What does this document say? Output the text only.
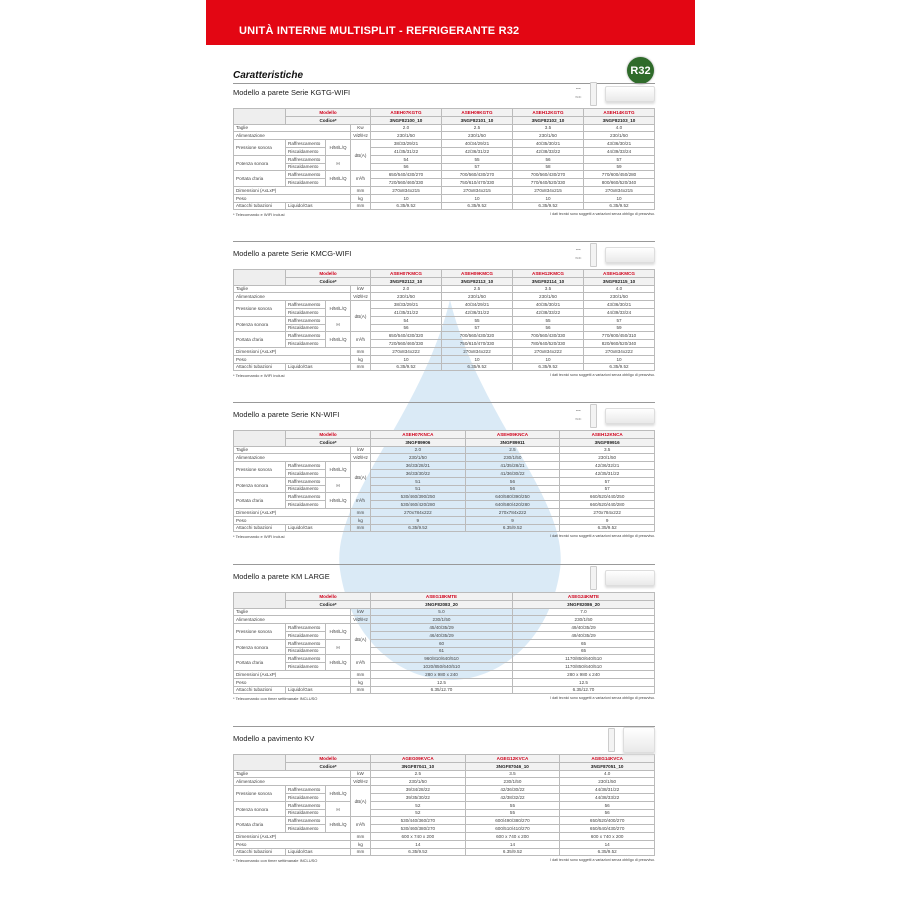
UNITÀ INTERNE MULTISPLIT - REFRIGERANTE R32
Caratteristiche	R32
Modello a parete Serie KGTG-WIFI	⌔
WiFi
	Modello			ASEH07KGTG	ASEH09KGTG	ASEH12KGTG	ASEH14KGTG
	Codice*			3NGF82100_10	3NGF82101_10	3NGF82102_10	3NGF82103_10
Taglie			Kw	2.0	2.5	3.5	4.0
Alimentazione			V/Ø/Hz	230/1/50	230/1/50	230/1/50	230/1/50
Pressione sonora	Raffrescamento	H/M/L/Q	dB(A)	38/33/29/21	40/34/29/21	40/35/30/21	43/36/30/21
	Riscaldamento			41/35/31/22	42/36/31/22	42/38/33/22	44/39/33/24
Potenza sonora	Raffrescamento	H		54	55	56	57
	Riscaldamento			56	57	58	59
Portata d'aria	Raffrescamento	H/M/L/Q	m³/h	650/540/430/270	700/560/430/270	700/560/430/270	770/600/450/280
	Riscaldamento			720/560/460/330	750/610/470/330	770/640/520/330	800/660/520/340
Dimensioni (AxLxP)			mm	270x834x215	270x834x215	270x834x215	270x834x215
Peso			kg	10	10	10	10
Attacchi tubazioni	Liquido/Gas		mm	6.35/9.52	6.35/9.52	6.35/9.52	6.35/9.52
* Telecomando e WIFI inclusi	I dati tecnici sono soggetti a variazioni senza obbligo di preavviso.
Modello a parete Serie KMCG-WIFI	⌔
WiFi
	Modello			ASEH07KMCG	ASEH09KMCG	ASEH12KMCG	ASEH14KMCG
	Codice*			3NGF82112_10	3NGF82113_10	3NGF82114_10	3NGF82115_10
Taglie			kW	2.0	2.5	3.5	4.0
Alimentazione			V/Ø/Hz	230/1/50	230/1/50	230/1/50	230/1/50
Pressione sonora	Raffrescamento	H/M/L/Q	dB(A)	38/33/29/21	40/34/29/21	40/35/30/21	43/36/30/21
	Riscaldamento			41/35/31/22	42/36/31/22	42/38/33/22	44/39/33/24
Potenza sonora	Raffrescamento	H		54	55	55	57
	Riscaldamento			56	57	56	59
Portata d'aria	Raffrescamento	H/M/L/Q	m³/h	650/540/430/320	700/560/430/320	700/560/430/330	770/600/450/310
	Riscaldamento			720/560/460/330	750/610/470/330	780/640/520/330	820/660/520/340
Dimensioni (AxLxP)			mm	270x834x222	270x834x222	270x834x222	270x834x222
Peso			kg	10	10	10	10
Attacchi tubazioni	Liquido/Gas		mm	6.35/9.52	6.35/9.52	6.35/9.52	6.35/9.52
* Telecomando e WIFI inclusi	I dati tecnici sono soggetti a variazioni senza obbligo di preavviso.
Modello a parete Serie KN-WIFI	⌔
WiFi
	Modello			ASEH07KNCA	ASEH09KNCA	ASEH12KNCA
	Codice*			3NGF89906	3NGF89911	3NGF89916
Taglie			kW	2.0	2.5	3.5
Alimentazione			V/Ø/Hz	230/1/50	230/1/50	230/1/50
Pressione sonora	Raffrescamento	H/M/L/Q	dB(A)	36/33/28/21	41/35/28/21	42/36/32/21
	Riscaldamento			36/33/30/22	41/36/30/22	42/35/31/22
Potenza sonora	Raffrescamento	H		51	56	57
	Riscaldamento			51	56	57
Portata d'aria	Raffrescamento	H/M/L/Q	m³/h	530/460/390/250	640/580/390/250	660/520/440/250
	Riscaldamento			530/460/420/280	640/580/420/280	660/520/440/280
Dimensioni (AxLxP)			mm	270x784x222	270x784x222	270x784x222
Peso			kg	9	9	9
Attacchi tubazioni	Liquido/Gas		mm	6.35/9.52	6.35/9.52	6.35/9.52
* Telecomando e WIFI inclusi	I dati tecnici sono soggetti a variazioni senza obbligo di preavviso.
Modello a parete KM LARGE
	Modello			ASEG18KMTE	ASEG24KMTE
	Codice*			3NGF82083_20	3NGF82086_20
Taglie			kW	5.0	7.0
Alimentazione			V/Ø/Hz	230/1/50	230/1/50
Pressione sonora	Raffrescamento	H/M/L/Q	dB(A)	45/40/35/29	49/40/35/29
	Riscaldamento			46/40/35/29	49/40/35/29
Potenza sonora	Raffrescamento	H		60	65
	Riscaldamento			61	65
Portata d'aria	Raffrescamento	H/M/L/Q	m³/h	960/810/640/510	1170/850/640/510
	Riscaldamento			1020/850/640/510	1170/850/640/510
Dimensioni (AxLxP)			mm	280 x 980 x 240	280 x 980 x 240
Peso			kg	12.5	12.5
Attacchi tubazioni	Liquido/Gas		mm	6.35/12.70	6.35/12.70
* Telecomando con timer settimanale INCLUSO	I dati tecnici sono soggetti a variazioni senza obbligo di preavviso.
Modello a pavimento KV
	Modello			AGEG09KVCA	AGEG12KVCA	AGEG14KVCA
	Codice*			3NGF87041_10	3NGF87046_10	3NGF87051_10
Taglie			kW	2.5	3.5	4.0
Alimentazione			V/Ø/Hz	230/1/50	230/1/50	230/1/50
Pressione sonora	Raffrescamento	H/M/L/Q	dB(A)	39/34/28/22	42/36/30/22	44/38/31/22
	Riscaldamento			39/35/30/22	42/38/32/22	44/38/33/22
Potenza sonora	Raffrescamento	H		52	55	56
	Riscaldamento			52	55	56
Portata d'aria	Raffrescamento	H/M/L/Q	m³/h	530/440/360/270	600/490/380/270	650/520/400/270
	Riscaldamento			530/460/380/270	600/510/410/270	650/540/430/270
Dimensioni (AxLxP)			mm	600 x 740 x 200	600 x 740 x 200	600 x 740 x 200
Peso			kg	14	14	14
Attacchi tubazioni	Liquido/Gas		mm	6.35/9.52	6.35/9.52	6.35/9.52
* Telecomando con timer settimanale INCLUSO	I dati tecnici sono soggetti a variazioni senza obbligo di preavviso.
